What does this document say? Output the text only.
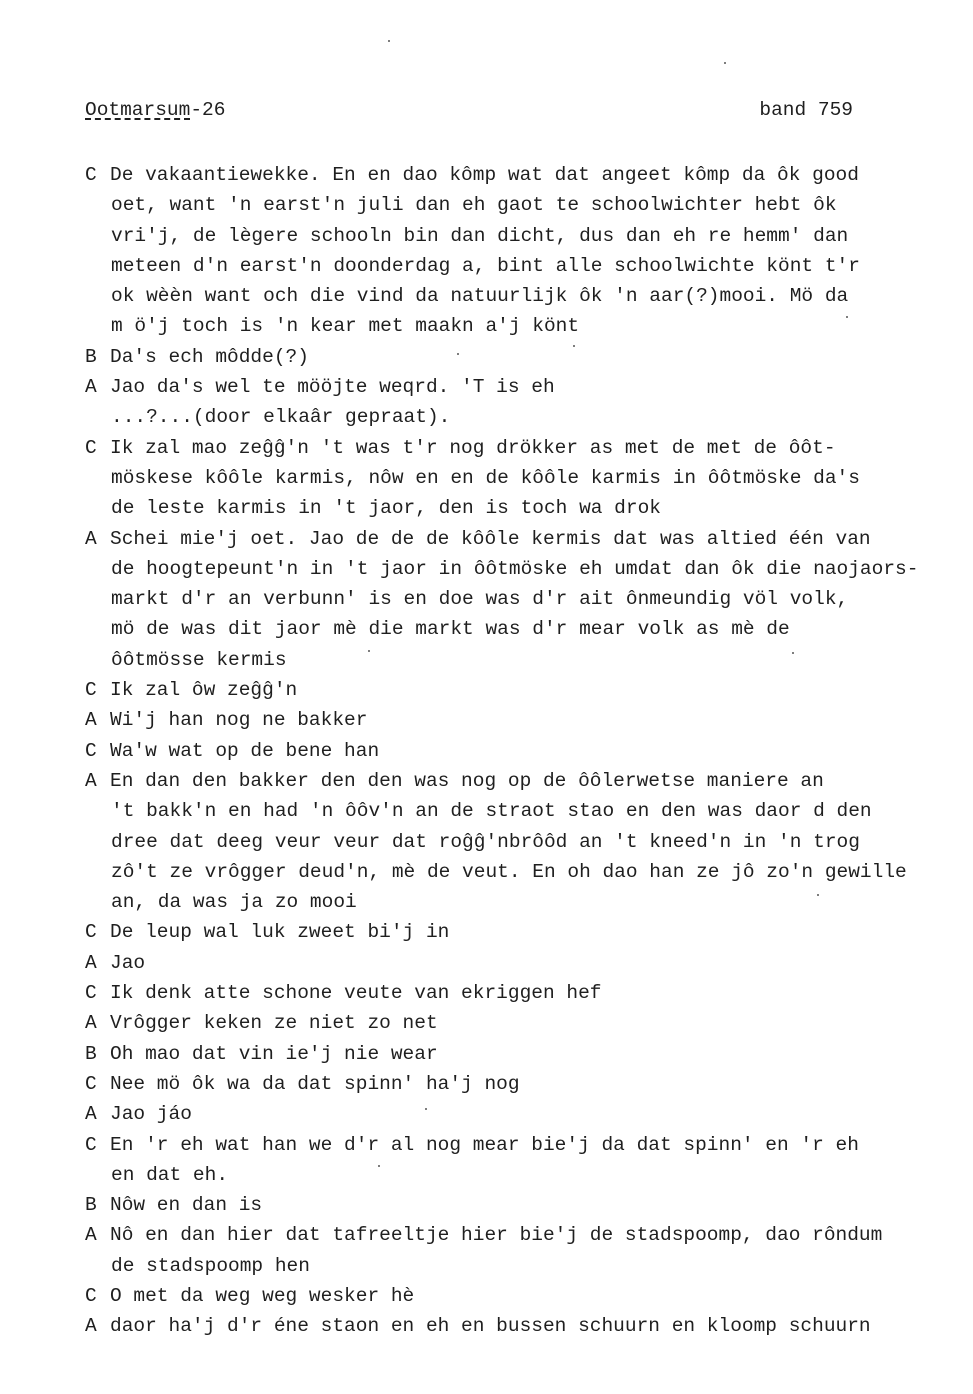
Ootmarsum-26	band 759
C De vakaantiewekke. En en dao kômp wat dat angeet kômp da ôk good
oet, want 'n earst'n juli dan eh gaot te schoolwichter hebt ôk
vri'j, de lègere schooln bin dan dicht, dus dan eh re hemm' dan
meteen d'n earst'n doonderdag a, bint alle schoolwichte könt t'r
ok wèèn want och die vind da natuurlijk ôk 'n aar(?)mooi. Mö da
m ö'j toch is 'n kear met maakn a'j könt
B Da's ech môdde(?)
A Jao da's wel te mööjte weqrd. 'T is eh
...?...(door elkaâr gepraat).
C Ik zal mao zeĝĝ'n 't was t'r nog drökker as met de met de ôôt-
möskese kôôle karmis, nôw en en de kôôle karmis in ôôtmöske da's
de leste karmis in 't jaor, den is toch wa drok
A Schei mie'j oet. Jao de de de kôôle kermis dat was altied één van
de hoogtepeunt'n in 't jaor in ôôtmöske eh umdat dan ôk die naojaors-
markt d'r an verbunn' is en doe was d'r ait ônmeundig völ volk,
mö de was dit jaor mè die markt was d'r mear volk as mè de
ôôtmösse kermis
C Ik zal ôw zeĝĝ'n
A Wi'j han nog ne bakker
C Wa'w wat op de bene han
A En dan den bakker den den was nog op de ôôlerwetse maniere an
't bakk'n en had 'n ôôv'n an de straot stao en den was daor d den
dree dat deeg veur veur dat roĝĝ'nbrôôd an 't kneed'n in 'n trog
zô't ze vrôgger deud'n, mè de veut. En oh dao han ze jô zo'n gewille
an, da was ja zo mooi
C De leup wal luk zweet bi'j in
A Jao
C Ik denk atte schone veute van ekriggen hef
A Vrôgger keken ze niet zo net
B Oh mao dat vin ie'j nie wear
C Nee mö ôk wa da dat spinn' ha'j nog
A Jao jáo
C En 'r eh wat han we d'r al nog mear bie'j da dat spinn' en 'r eh
en dat eh.
B Nôw en dan is
A Nô en dan hier dat tafreeltje hier bie'j de stadspoomp, dao rôndum
de stadspoomp hen
C O met da weg weg wesker hè
A daor ha'j d'r éne staon en eh en bussen schuurn en kloomp schuurn
